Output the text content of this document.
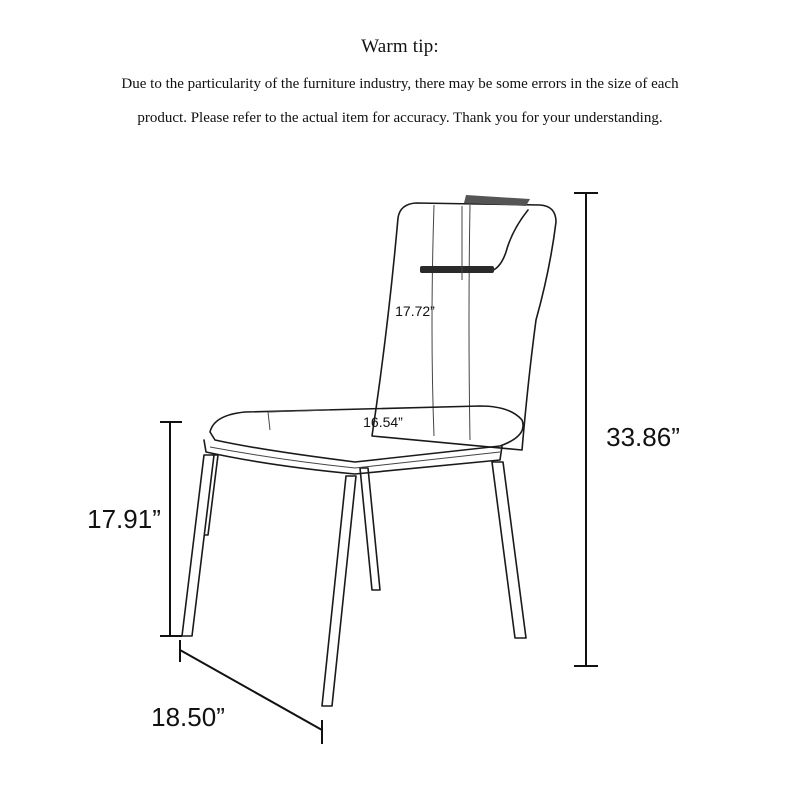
Warm tip:
Due to the particularity of the furniture industry, there may be some errors in the size of each
product. Please refer to the actual item for accuracy. Thank you for your understanding.
17.72”
16.54”	33.86”
17.91”
18.50”
